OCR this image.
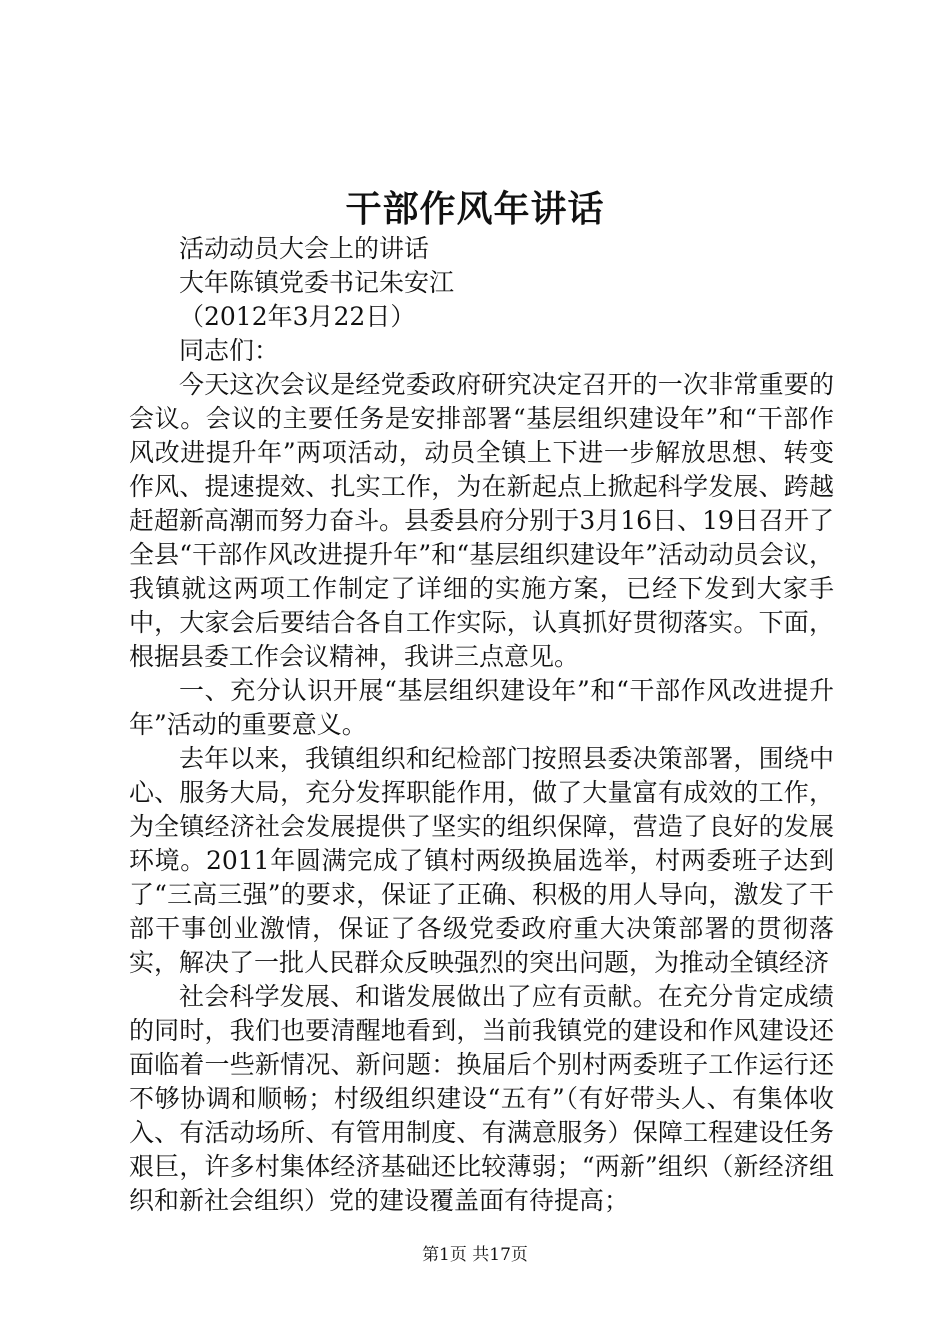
干部作风年讲话

活动动员大会上的讲话

大年陈镇党委书记朱安江

（2012年3月22日）

同志们：

今天这次会议是经党委政府研究决定召开的一次非常重要的会议。会议的主要任务是安排部署“基层组织建设年”和“干部作风改进提升年”两项活动，动员全镇上下进一步解放思想、转变作风、提速提效、扎实工作，为在新起点上掀起科学发展、跨越赶超新高潮而努力奋斗。县委县府分别于3月16日、19日召开了全县“干部作风改进提升年”和“基层组织建设年”活动动员会议，我镇就这两项工作制定了详细的实施方案，已经下发到大家手中，大家会后要结合各自工作实际，认真抓好贯彻落实。下面，根据县委工作会议精神，我讲三点意见。

一、充分认识开展“基层组织建设年”和“干部作风改进提升年”活动的重要意义。

去年以来，我镇组织和纪检部门按照县委决策部署，围绕中心、服务大局，充分发挥职能作用，做了大量富有成效的工作，为全镇经济社会发展提供了坚实的组织保障，营造了良好的发展环境。2011年圆满完成了镇村两级换届选举，村两委班子达到了“三高三强”的要求，保证了正确、积极的用人导向，激发了干部干事创业激情，保证了各级党委政府重大决策部署的贯彻落实，解决了一批人民群众反映强烈的突出问题，为推动全镇经济

社会科学发展、和谐发展做出了应有贡献。在充分肯定成绩的同时，我们也要清醒地看到，当前我镇党的建设和作风建设还面临着一些新情况、新问题：换届后个别村两委班子工作运行还不够协调和顺畅；村级组织建设“五有”（有好带头人、有集体收入、有活动场所、有管用制度、有满意服务）保障工程建设任务艰巨，许多村集体经济基础还比较薄弱；“两新”组织（新经济组织和新社会组织）党的建设覆盖面有待提高；

第1页 共17页
